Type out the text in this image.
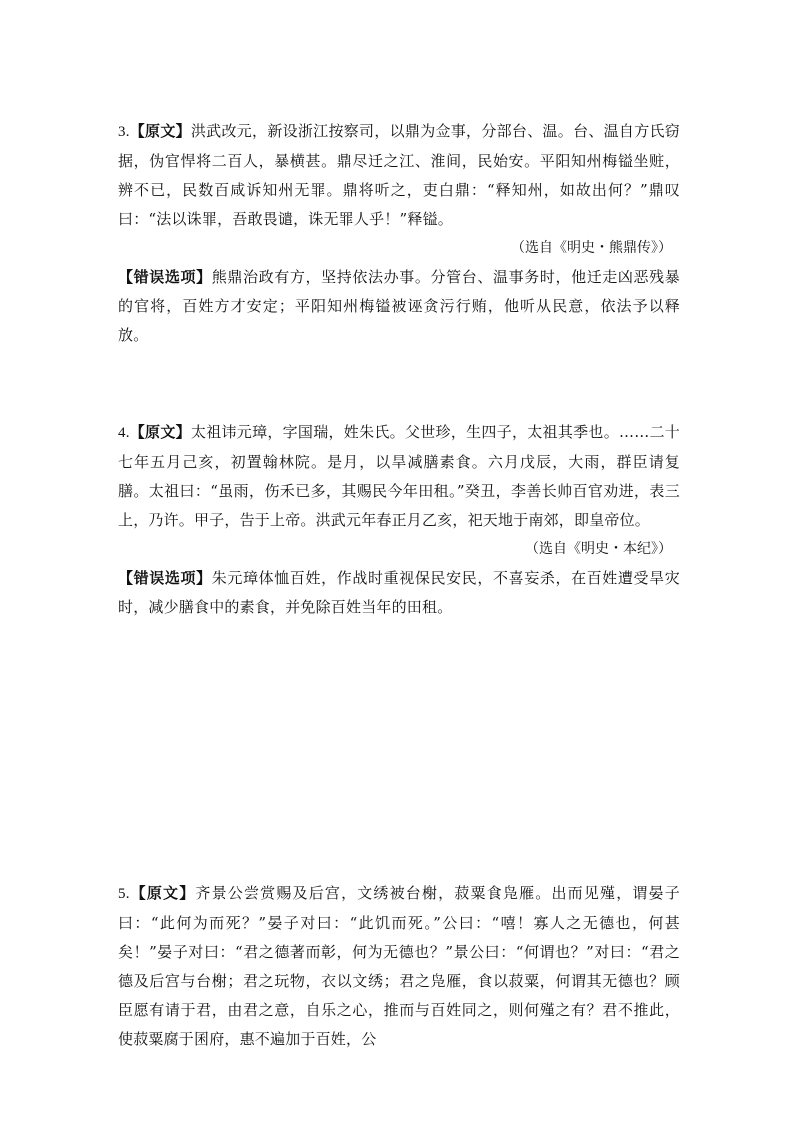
3.【原文】洪武改元，新设浙江按察司，以鼎为佥事，分部台、温。台、温自方氏窃据，伪官悍将二百人，暴横甚。鼎尽迁之江、淮间，民始安。平阳知州梅镒坐赃，辨不已，民数百咸诉知州无罪。鼎将听之，吏白鼎：“释知州，如故出何？”鼎叹曰：“法以诛罪，吾敢畏谴，诛无罪人乎！”释镒。

（选自《明史・熊鼎传》）

【错误选项】熊鼎治政有方，坚持依法办事。分管台、温事务时，他迁走凶恶残暴的官将，百姓方才安定；平阳知州梅镒被诬贪污行贿，他听从民意，依法予以释放。

4.【原文】太祖讳元璋，字国瑞，姓朱氏。父世珍，生四子，太祖其季也。……二十七年五月己亥，初置翰林院。是月，以旱减膳素食。六月戊辰，大雨，群臣请复膳。太祖曰：“虽雨，伤禾已多，其赐民今年田租。”癸丑，李善长帅百官劝进，表三上，乃许。甲子，告于上帝。洪武元年春正月乙亥，祀天地于南郊，即皇帝位。

（选自《明史・本纪》）

【错误选项】朱元璋体恤百姓，作战时重视保民安民，不喜妄杀，在百姓遭受旱灾时，减少膳食中的素食，并免除百姓当年的田租。

5.【原文】齐景公尝赏赐及后宫，文绣被台榭，菽粟食凫雁。出而见殣，谓晏子曰：“此何为而死？”晏子对曰：“此饥而死。”公曰：“嘻！寡人之无德也，何甚矣！”晏子对曰：“君之德著而彰，何为无德也？”景公曰：“何谓也？”对曰：“君之德及后宫与台榭；君之玩物，衣以文绣；君之凫雁，食以菽粟，何谓其无德也？顾臣愿有请于君，由君之意，自乐之心，推而与百姓同之，则何殣之有？君不推此，使菽粟腐于囷府，惠不遍加于百姓，公
